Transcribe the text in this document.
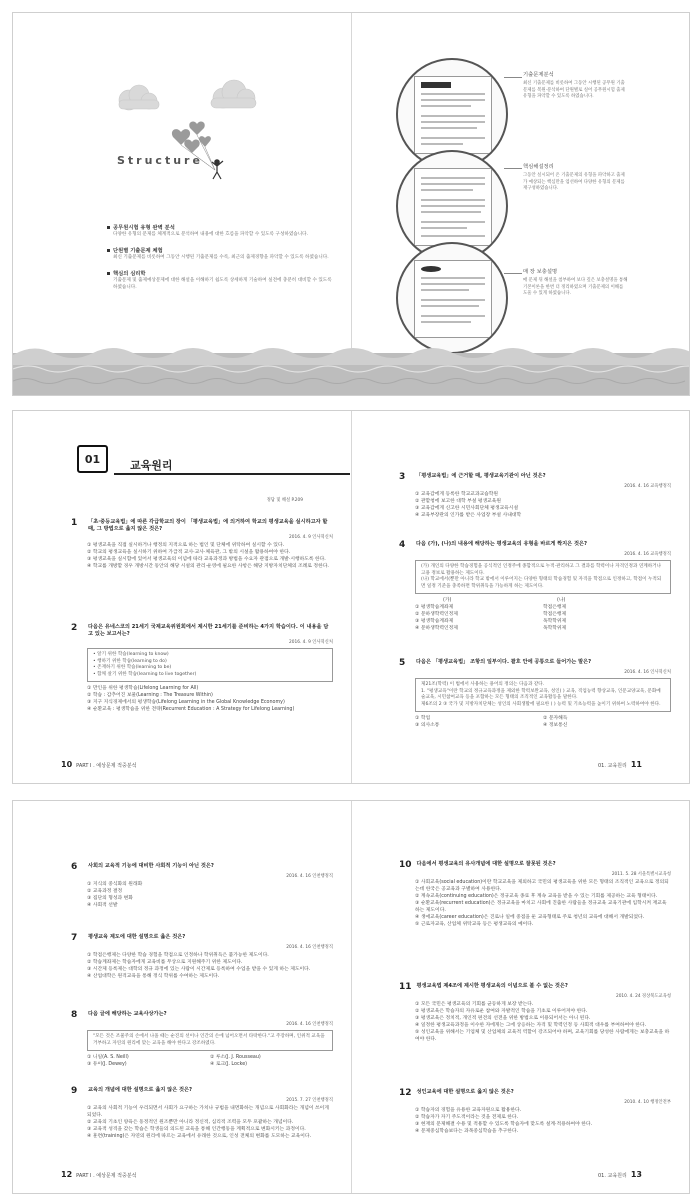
Structure
공무원시험 유형 완벽 분석
다양한 유형의 문제를 체계적으로 분석하여 내용에 대한 흐름을 파악할 수 있도록 구성하였습니다.
단원별 기출문제 체험
최신 기출문제를 비롯하여 그동안 시행된 기출문제를 수록, 최근의 출제경향을 파악할 수 있도록 하였습니다.
핵심의 심리학
기출문제 및 출제예상문제에 대한 해설을 이해하기 쉽도록 상세하게 기술하여 실전에 충분히 대비할 수 있도록 하였습니다.
기출문제분석
최신 기출문제를 비롯하여 그동안 시행된 공무원 기출문제를 복원·분석하여 단원별로 실어 공무원시험 출제유형을 파악할 수 있도록 하였습니다.
핵심해설정리
그동안 실시되어 온 기출문제의 유형을 파악하고 출제가 예상되는 핵심만을 엄선하여 다양한 유형의 문제를 재구성하였습니다.
매 장 보충설명
매 문제 뒤 해설을 첨부하여 보다 깊은 보충설명을 통해 기본이론을 한번 더 정리하였으며 기출문제의 이해를 도울 수 있게 하였습니다.
01	교육원리
정답 및 해설 P.209
1	「초·중등교육법」에 따른 각급학교의 장이 「평생교육법」에 의거하여 학교의 평생교육을 실시하고자 할 때, 그 방법으로 옳지 않은 것은?
2016. 4. 9 인사혁신처
① 평생교육을 직접 실시하거나 행정의 지적으로 하는 법인 및 단체에 위탁하여 실시할 수 있다.
② 학교의 평생교육을 실시하기 위하여 가급적 교사·교사·체육관, 그 밖의 시설을 활용하여야 한다.
③ 평생교육을 실시함에 있어서 평생교육의 이념에 따라 교육과정과 방법을 수요자 관점으로 개발·시행하도록 한다.
④ 학교를 개방할 경우 개방시간 동안의 해당 시설의 관리·운영에 필요한 사항은 해당 지방자치단체의 조례로 정한다.
2	다음은 유네스코의 21세기 국제교육위원회에서 제시한 21세기를 준비하는 4가지 학습이다. 이 내용을 담고 있는 보고서는?
2016. 4. 9 인사혁신처
• 알기 위한 학습(learning to know)
• 행하기 위한 학습(learning to do)
• 존재하기 위한 학습(learning to be)
• 함께 살기 위한 학습(learning to live together)
① 만인을 위한 평생학습(Lifelong Learning for All)
② 학습 : 감추어진 보물(Learning : The Treasure Within)
③ 지구 지식경제에서의 평생학습(Lifelong Learning in the Global Knowledge Economy)
④ 순환교육 : 평생학습을 위한 전략(Recurrent Education : A Strategy for Lifelong Learning)
10 PART I . 예상문제 적중분석
3	「평생교육법」에 근거할 때, 평생교육기관이 아닌 것은?
2016. 4. 16 교육행정직
① 교육감에게 등록한 학교교과교습학원
② 관할청에 보고한 대학 부설 평생교육원
③ 교육감에게 신고한 시민사회단체 평생교육시설
④ 교육부장관의 인가를 받은 사업장 부설 사내대학
4	다음 (가), (나)의 내용에 해당하는 평생교육의 유형을 바르게 짝지은 것은?
2016. 4. 16 교육행정직
(가) 개인의 다양한 학습경험을 공식적인 인정주에 종합적으로 누적·관리하고 그 결과를 학력이나 자격인정과 연계하거나 고용 정보로 활용하는 제도이다.
(나) 학교에서(뿐만 아니라 학교 밖에서 이루어지는 다양한 형태의 학습경험 및 자격을 학점으로 인정하고, 학점이 누적되면 일정 기준을 충족하면 학위취득을 가능하게 하는 제도이다.
(가)	(나)
① 평생학습계좌제	학점은행제
② 문하생학력인정제	학점은행제
③ 평생학습계좌제	독학학위제
④ 문하생학력인정제	독학학위제
5	다음은 「평생교육법」 조항의 일부이다. 괄호 안에 공통으로 들어가는 말은?
2016. 4. 16 인사혁신처
제21조(학력) 이 법에서 사용하는 용어의 정의는 다음과 같다.
1. "평생교육"이란 학교의 정규교육과정을 제외한 학력보완교육, 성인( ) 교육, 직업능력 향상교육, 인문교양교육, 문화예술교육, 시민참여교육 등을 포함하는 모든 형태의 조직적인 교육활동을 말한다.
제6조의 2 ③ 국가 및 지방자치단체는 성인의 사회생활에 필요한 ( ) 능력 및 기초능력을 높이기 위하여 노력하여야 한다.
① 학업	② 문자해득
③ 의사소통	④ 정보통신
01. 교육원리 11
6	사회의 교육적 기능에 대비한 사회적 기능이 아닌 것은?
2016. 4. 16 인천행정직
① 지식의 중식화의 원래화
② 교육과정 결정
③ 집단의 형성과 변화
④ 사회적 선발
7	평생교육 제도에 대한 설명으로 옳은 것은?
2016. 4. 16 인천행정직
① 학점은행제는 다양한 학습 경험을 학점으로 인정하나 학위취득은 불가능한 제도이다.
② 학습계좌제는 학습자에게 교육비를 무상으로 지원해주기 위한 제도이다.
③ 시간제 등록제는 대학의 정규 과정에 있는 사람이 시간제로 등록하여 수업을 받을 수 있게 하는 제도이다.
④ 산업대학은 원격교육을 통해 정식 학위를 수여하는 제도이다.
8	다음 글에 해당하는 교육사상가는?
2016. 4. 16 인천행정직
"모든 것은 조물주의 손에서 나올 때는 순진의 선이나 인간의 손에 넘어오면서 타락한다."고 주장하며, 인위적 교육을 거부하고 자연의 원리에 맞는 교육을 해야 한다고 강조하였다.
① 니일(A. S. Neill)	② 루소(J. J. Rousseau)
③ 듀이(J. Dewey)	④ 로크(J. Locke)
9	교육의 개념에 대한 설명으로 옳지 않은 것은?
2015. 7. 27 인천행정직
① 교육의 사회적 기능이 우리되면서 사회가 요구하는 가치나 규범을 내면화하는 개념으로 사회화라는 개념이 쓰이게 되었다.
② 교육의 기초인 양육은 동정적인 원조뿐만 아니라 정신적, 심리적 조력을 모두 포괄하는 개념이다.
③ 교육적 성격을 갖는 학습은 학생들의 의도된 교육을 통해 인간행동을 계획적으로 변화시키는 과정이다.
④ 훈련(training)은 자연의 원리에 따르는 교육에서 유래한 것으로, 인성 전체의 변화를 도모하는 교육이다.
12 PART I . 예상문제 적중분석
10 다음에서 평생교육의 유사개념에 대한 설명으로 잘못된 것은?
2011. 5. 28 서울특별시교육청
① 사회교육(social education)이란 학교교육을 제외하고 국민의 평생교육을 위한 모든 형태의 조직적인 교육으로 정의되는데 한국은 공교육과 구별하여 사용한다.
② 계속교육(continuing education)은 정규교육 종료 후 계속 교육을 받을 수 있는 기회를 제공하는 교육 형태이다.
③ 순환교육(recurrent education)은 정규교육을 마치고 사회에 진출한 사람들을 정규교육 교육기관에 입학시켜 재교육하는 제도이다.
④ 생애교육(career education)은 진로나 일에 중점을 둔 교육형태로 주로 청년의 교육에 대해서 개발되었다.
⑤ 근로자교육, 산업체 위탁교육 등은 평생교육의 예이다.
11 평생교육법 제4조에 제시한 평생교육의 이념으로 볼 수 없는 것은?
2010. 4. 24 경상북도교육청
① 모든 국민은 평생교육의 기회를 균등하게 보장 받는다.
② 평생교육은 학습자의 자유로운 참여와 자발적인 학습을 기초로 이루어져야 한다.
③ 평생교육은 정치적, 개인적 편견의 선전을 위한 방법으로 이용되어서는 아니 된다.
④ 일정한 평생교육과정을 이수한 자에게는 그에 상응하는 자격 및 학력인정 등 사회적 대우를 부여하여야 한다.
⑤ 성인교육을 위해서는 기업체 및 산업체의 교육적 역할이 강조되어야 하며, 교육기회를 당성한 사람에게는 보충교육을 하여야 한다.
12 성인교육에 대한 설명으로 옳지 않은 것은?
2010. 4. 10 행정안전부
① 학습자의 경험을 유용한 교육자원으로 활용한다.
② 학습자가 자기 주도적이라는 것을 전제로 한다.
③ 현재의 문제해결 수용 및 적용할 수 있도록 학습자에 맞도록 설계·적용하여야 한다.
④ 문제중심학습보다는 과목중심학습을 추구한다.
01. 교육원리 13
